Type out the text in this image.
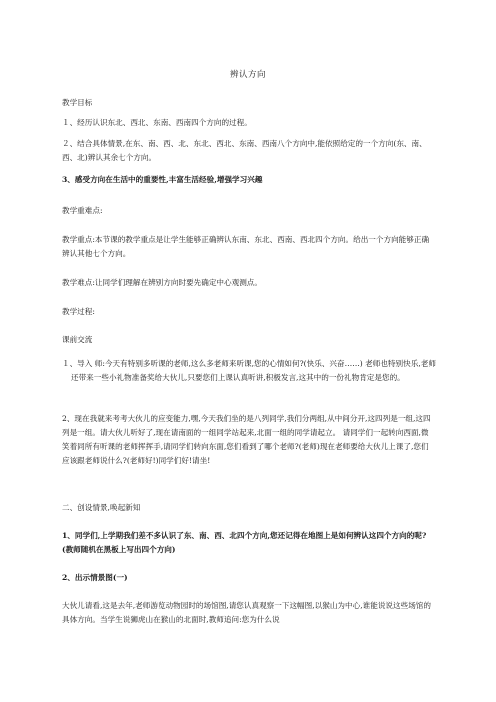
辨认方向

教学目标

１、经历认识东北、西北、东南、西南四个方向的过程。

２、结合具体情景,在东、南、西、北、东北、西北、东南、西南八个方向中,能依照给定的一个方向(东、南、西、北)辨认其余七个方向。

3、感受方向在生活中的重要性,丰富生活经验,增强学习兴趣

教学重难点:

教学重点:本节课的教学重点是让学生能够正确辨认东南、东北、西南、西北四个方向。给出一个方向能够正确辨认其他七个方向。

教学难点:让同学们理解在辨别方向时要先确定中心观测点。

教学过程:

课前交流

１、导入 师:今天有特别多听课的老师,这么多老师来听课,您的心情如何?(快乐、兴奋……) 老师也特别快乐,老师还带来一些小礼物准备奖给大伙儿,只要您们上课认真听讲,积极发言,这其中的一份礼物肯定是您的。

2、现在我就来考考大伙儿的应变能力,嘿,今天我们坐的是八列同学,我们分两组,从中间分开,这四列是一组,这四列是一组。请大伙儿听好了,现在请南面的一组同学站起来,北面一组的同学请起立。 请同学们一起转向西面,微笑着同所有听课的老师挥挥手,请同学们转向东面,您们看到了哪个老师?(老师)现在老师要给大伙儿上课了,您们应该跟老师说什么?(老师好!)同学们好!请坐!

二、创设情景,唤起新知

1、同学们,上学期我们差不多认识了东、南、西、北四个方向,您还记得在地图上是如何辨认这四个方向的呢? (教师随机在黑板上写出四个方向)

2、出示情景图(一)

大伙儿请看,这是去年,老师游览动物园时的场馆图,请您认真观察一下这幅图,以猴山为中心,谁能说说这些场馆的具体方向。当学生说狮虎山在猴山的北面时,教师追问:您为什么说
